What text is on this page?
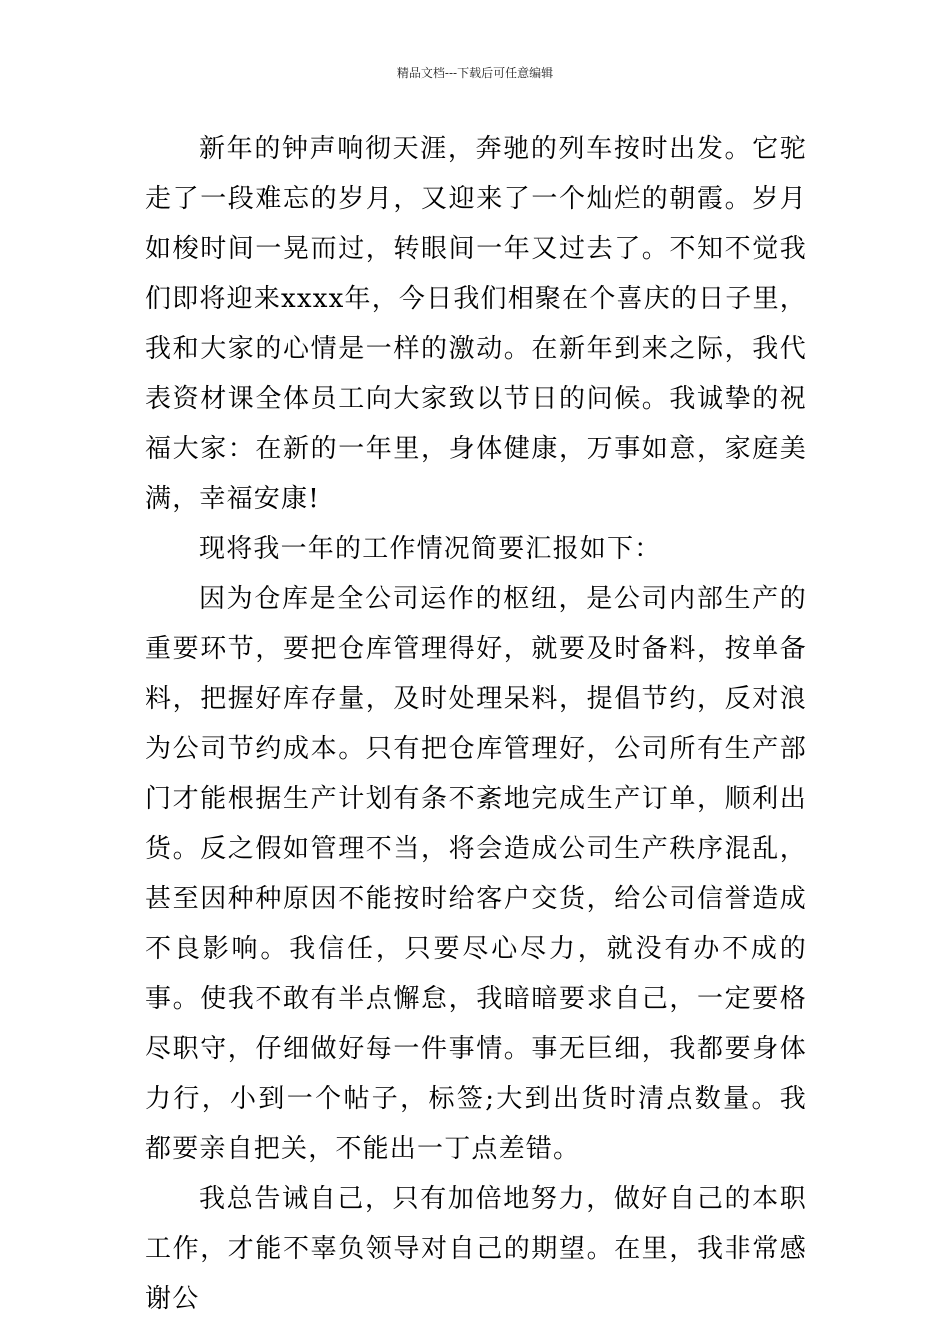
精品文档---下载后可任意编辑

新年的钟声响彻天涯，奔驰的列车按时出发。它驼走了一段难忘的岁月，又迎来了一个灿烂的朝霞。岁月如梭时间一晃而过，转眼间一年又过去了。不知不觉我们即将迎来xxxx年，今日我们相聚在个喜庆的日子里，我和大家的心情是一样的激动。在新年到来之际，我代表资材课全体员工向大家致以节日的问候。我诚挚的祝福大家：在新的一年里，身体健康，万事如意，家庭美满，幸福安康!

现将我一年的工作情况简要汇报如下：

因为仓库是全公司运作的枢纽，是公司内部生产的重要环节，要把仓库管理得好，就要及时备料，按单备料，把握好库存量，及时处理呆料，提倡节约，反对浪为公司节约成本。只有把仓库管理好，公司所有生产部门才能根据生产计划有条不紊地完成生产订单，顺利出货。反之假如管理不当，将会造成公司生产秩序混乱，甚至因种种原因不能按时给客户交货，给公司信誉造成不良影响。我信任，只要尽心尽力，就没有办不成的事。使我不敢有半点懈怠，我暗暗要求自己，一定要格尽职守，仔细做好每一件事情。事无巨细，我都要身体力行，小到一个帖子，标签;大到出货时清点数量。我都要亲自把关，不能出一丁点差错。

我总告诫自己，只有加倍地努力，做好自己的本职工作，才能不辜负领导对自己的期望。在里，我非常感谢公
